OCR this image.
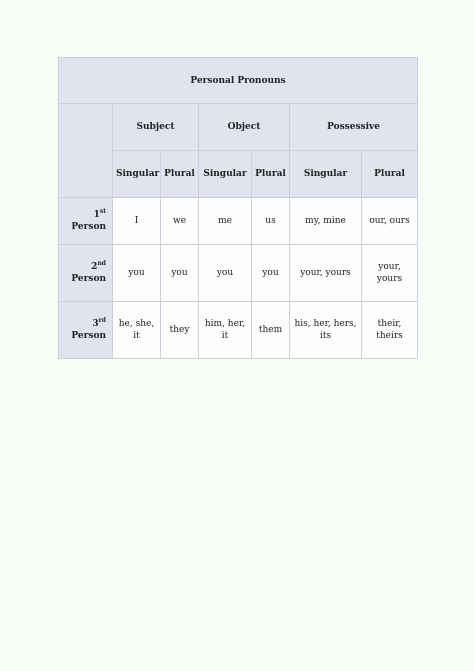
Personal Pronouns						
	Subject		Object		Possessive	
	Singular	Plural	Singular	Plural	Singular	Plural
1st Person	I	we	me	us	my, mine	our, ours
2nd Person	you	you	you	you	your, yours	your, yours
3rd Person	he, she, it	they	him, her, it	them	his, her, hers, its	their, theirs
